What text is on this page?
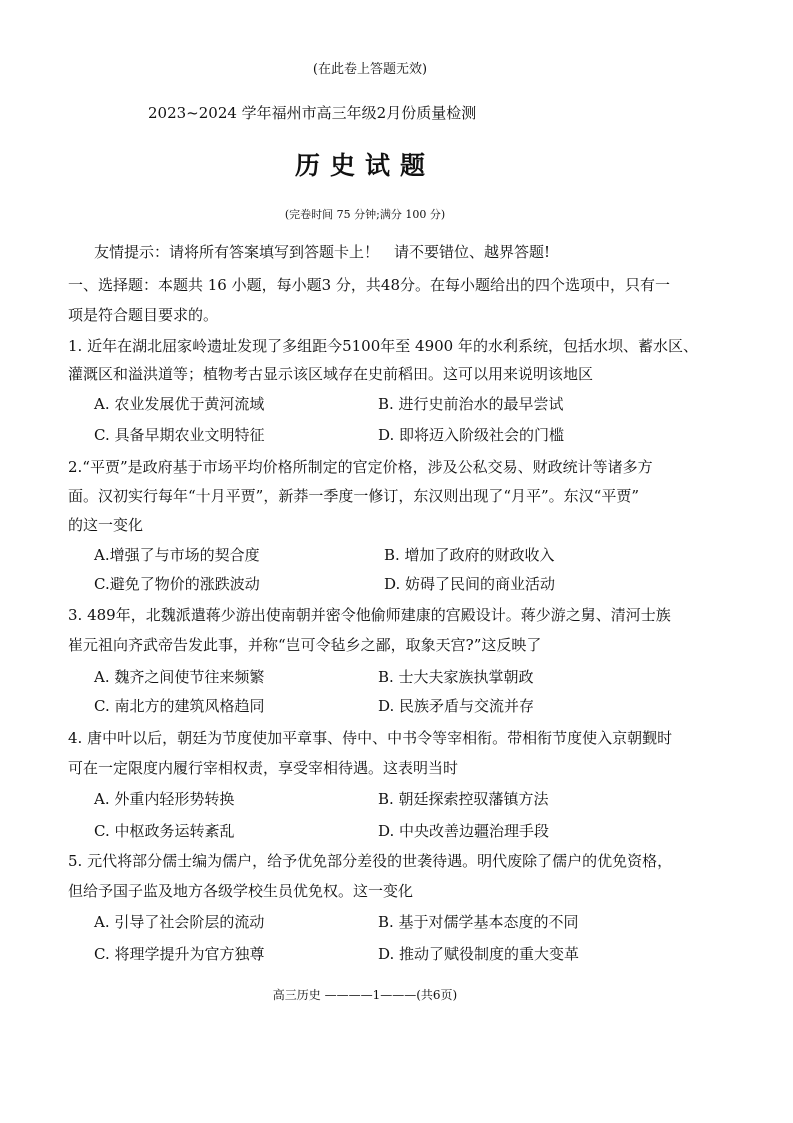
(在此卷上答题无效)
2023~2024 学年福州市高三年级2月份质量检测
历史试题
(完卷时间 75 分钟;满分 100 分)
友情提示：请将所有答案填写到答题卡上！　请不要错位、越界答题!
一、选择题：本题共 16 小题，每小题3 分，共48分。在每小题给出的四个选项中，只有一
项是符合题目要求的。
1. 近年在湖北屈家岭遗址发现了多组距今5100年至 4900 年的水利系统，包括水坝、蓄水区、
灌溉区和溢洪道等；植物考古显示该区域存在史前稻田。这可以用来说明该地区
A. 农业发展优于黄河流域	B. 进行史前治水的最早尝试
C. 具备早期农业文明特征	D. 即将迈入阶级社会的门槛
2.“平贾”是政府基于市场平均价格所制定的官定价格，涉及公私交易、财政统计等诸多方
面。汉初实行每年“十月平贾”，新莽一季度一修订，东汉则出现了“月平”。东汉“平贾”
的这一变化
A.增强了与市场的契合度	B. 增加了政府的财政收入
C.避免了物价的涨跌波动	D. 妨碍了民间的商业活动
3. 489年，北魏派遣蒋少游出使南朝并密令他偷师建康的宫殿设计。蒋少游之舅、清河士族
崔元祖向齐武帝告发此事，并称“岂可令毡乡之鄙，取象天宫?”这反映了
A. 魏齐之间使节往来频繁	B. 士大夫家族执掌朝政
C. 南北方的建筑风格趋同	D. 民族矛盾与交流并存
4. 唐中叶以后，朝廷为节度使加平章事、侍中、中书令等宰相衔。带相衔节度使入京朝觐时
可在一定限度内履行宰相权责，享受宰相待遇。这表明当时
A. 外重内轻形势转换	B. 朝廷探索控驭藩镇方法
C. 中枢政务运转紊乱	D. 中央改善边疆治理手段
5. 元代将部分儒士编为儒户，给予优免部分差役的世袭待遇。明代废除了儒户的优免资格，
但给予国子监及地方各级学校生员优免权。这一变化
A. 引导了社会阶层的流动	B. 基于对儒学基本态度的不同
C. 将理学提升为官方独尊	D. 推动了赋役制度的重大变革
高三历史 ————1———(共6页)
